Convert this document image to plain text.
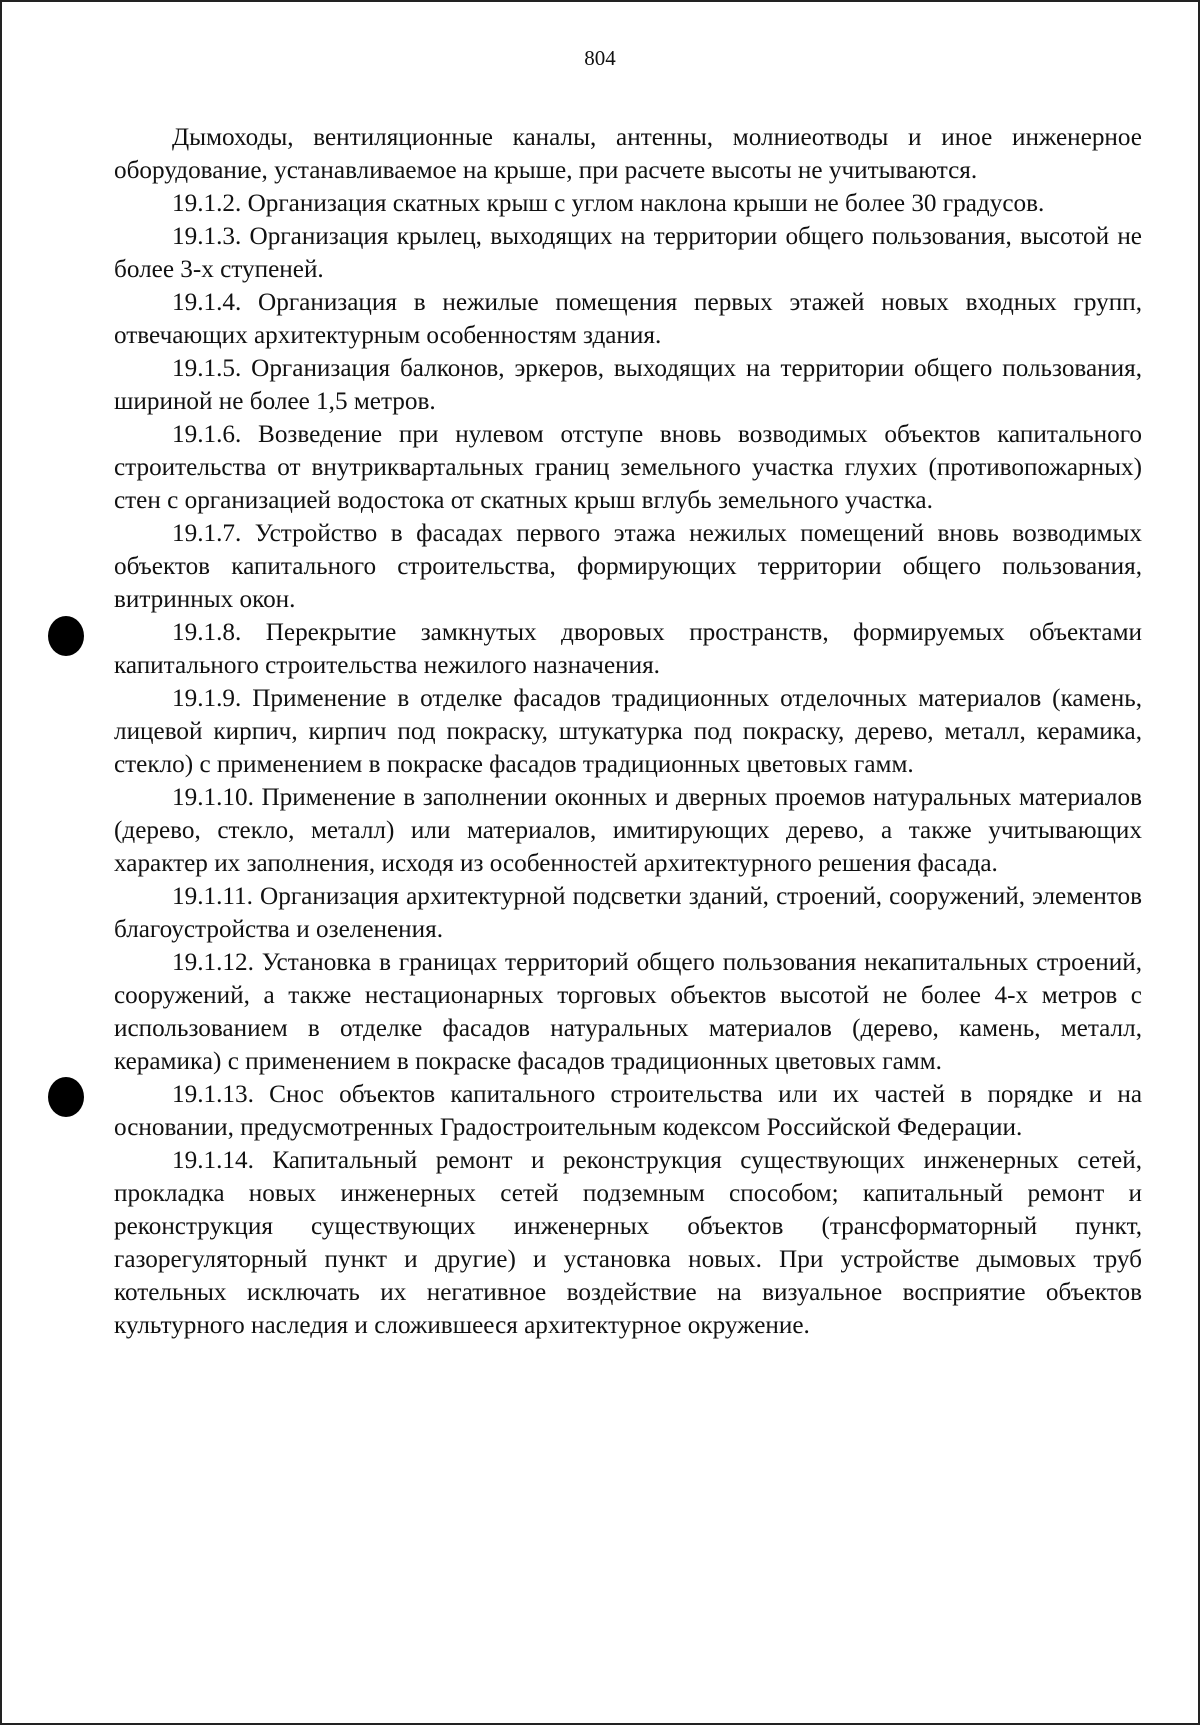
804

Дымоходы, вентиляционные каналы, антенны, молниеотводы и иное инженерное оборудование, устанавливаемое на крыше, при расчете высоты не учитываются.

19.1.2. Организация скатных крыш с углом наклона крыши не более 30 градусов.

19.1.3. Организация крылец, выходящих на территории общего пользования, высотой не более 3-х ступеней.

19.1.4. Организация в нежилые помещения первых этажей новых входных групп, отвечающих архитектурным особенностям здания.

19.1.5. Организация балконов, эркеров, выходящих на территории общего пользования, шириной не более 1,5 метров.

19.1.6. Возведение при нулевом отступе вновь возводимых объектов капитального строительства от внутриквартальных границ земельного участка глухих (противопожарных) стен с организацией водостока от скатных крыш вглубь земельного участка.

19.1.7. Устройство в фасадах первого этажа нежилых помещений вновь возводимых объектов капитального строительства, формирующих территории общего пользования, витринных окон.

19.1.8. Перекрытие замкнутых дворовых пространств, формируемых объектами капитального строительства нежилого назначения.

19.1.9. Применение в отделке фасадов традиционных отделочных материалов (камень, лицевой кирпич, кирпич под покраску, штукатурка под покраску, дерево, металл, керамика, стекло) с применением в покраске фасадов традиционных цветовых гамм.

19.1.10. Применение в заполнении оконных и дверных проемов натуральных материалов (дерево, стекло, металл) или материалов, имитирующих дерево, а также учитывающих характер их заполнения, исходя из особенностей архитектурного решения фасада.

19.1.11. Организация архитектурной подсветки зданий, строений, сооружений, элементов благоустройства и озеленения.

19.1.12. Установка в границах территорий общего пользования некапитальных строений, сооружений, а также нестационарных торговых объектов высотой не более 4-х метров с использованием в отделке фасадов натуральных материалов (дерево, камень, металл, керамика) с применением в покраске фасадов традиционных цветовых гамм.

19.1.13. Снос объектов капитального строительства или их частей в порядке и на основании, предусмотренных Градостроительным кодексом Российской Федерации.

19.1.14. Капитальный ремонт и реконструкция существующих инженерных сетей, прокладка новых инженерных сетей подземным способом; капитальный ремонт и реконструкция существующих инженерных объектов (трансформаторный пункт, газорегуляторный пункт и другие) и установка новых. При устройстве дымовых труб котельных исключать их негативное воздействие на визуальное восприятие объектов культурного наследия и сложившееся архитектурное окружение.
